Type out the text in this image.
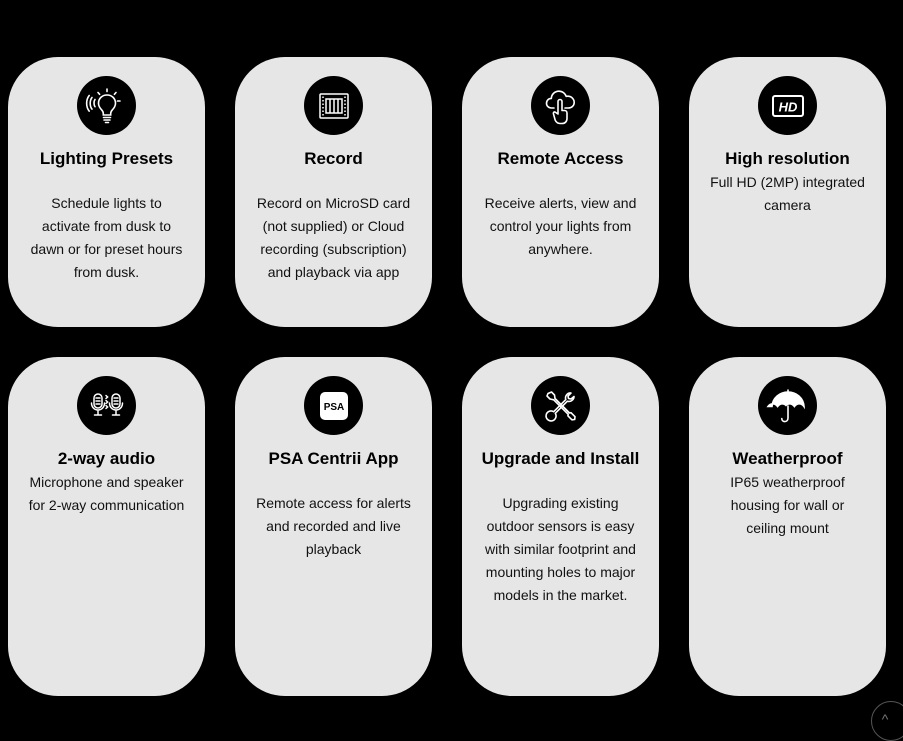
Lighting Presets
Schedule lights to activate from dusk to dawn or for preset hours from dusk.
Record
Record on MicroSD card (not supplied) or Cloud recording (subscription) and playback via app
Remote Access
Receive alerts, view and control your lights from anywhere.
HD
High resolution
Full HD (2MP) integrated camera
2-way audio
Microphone and speaker for 2-way communication
PSA
PSA Centrii App
Remote access for alerts and recorded and live playback
Upgrade and Install
Upgrading existing outdoor sensors is easy with similar footprint and mounting holes to major models in the market.
Weatherproof
IP65 weatherproof housing for wall or ceiling mount
^
